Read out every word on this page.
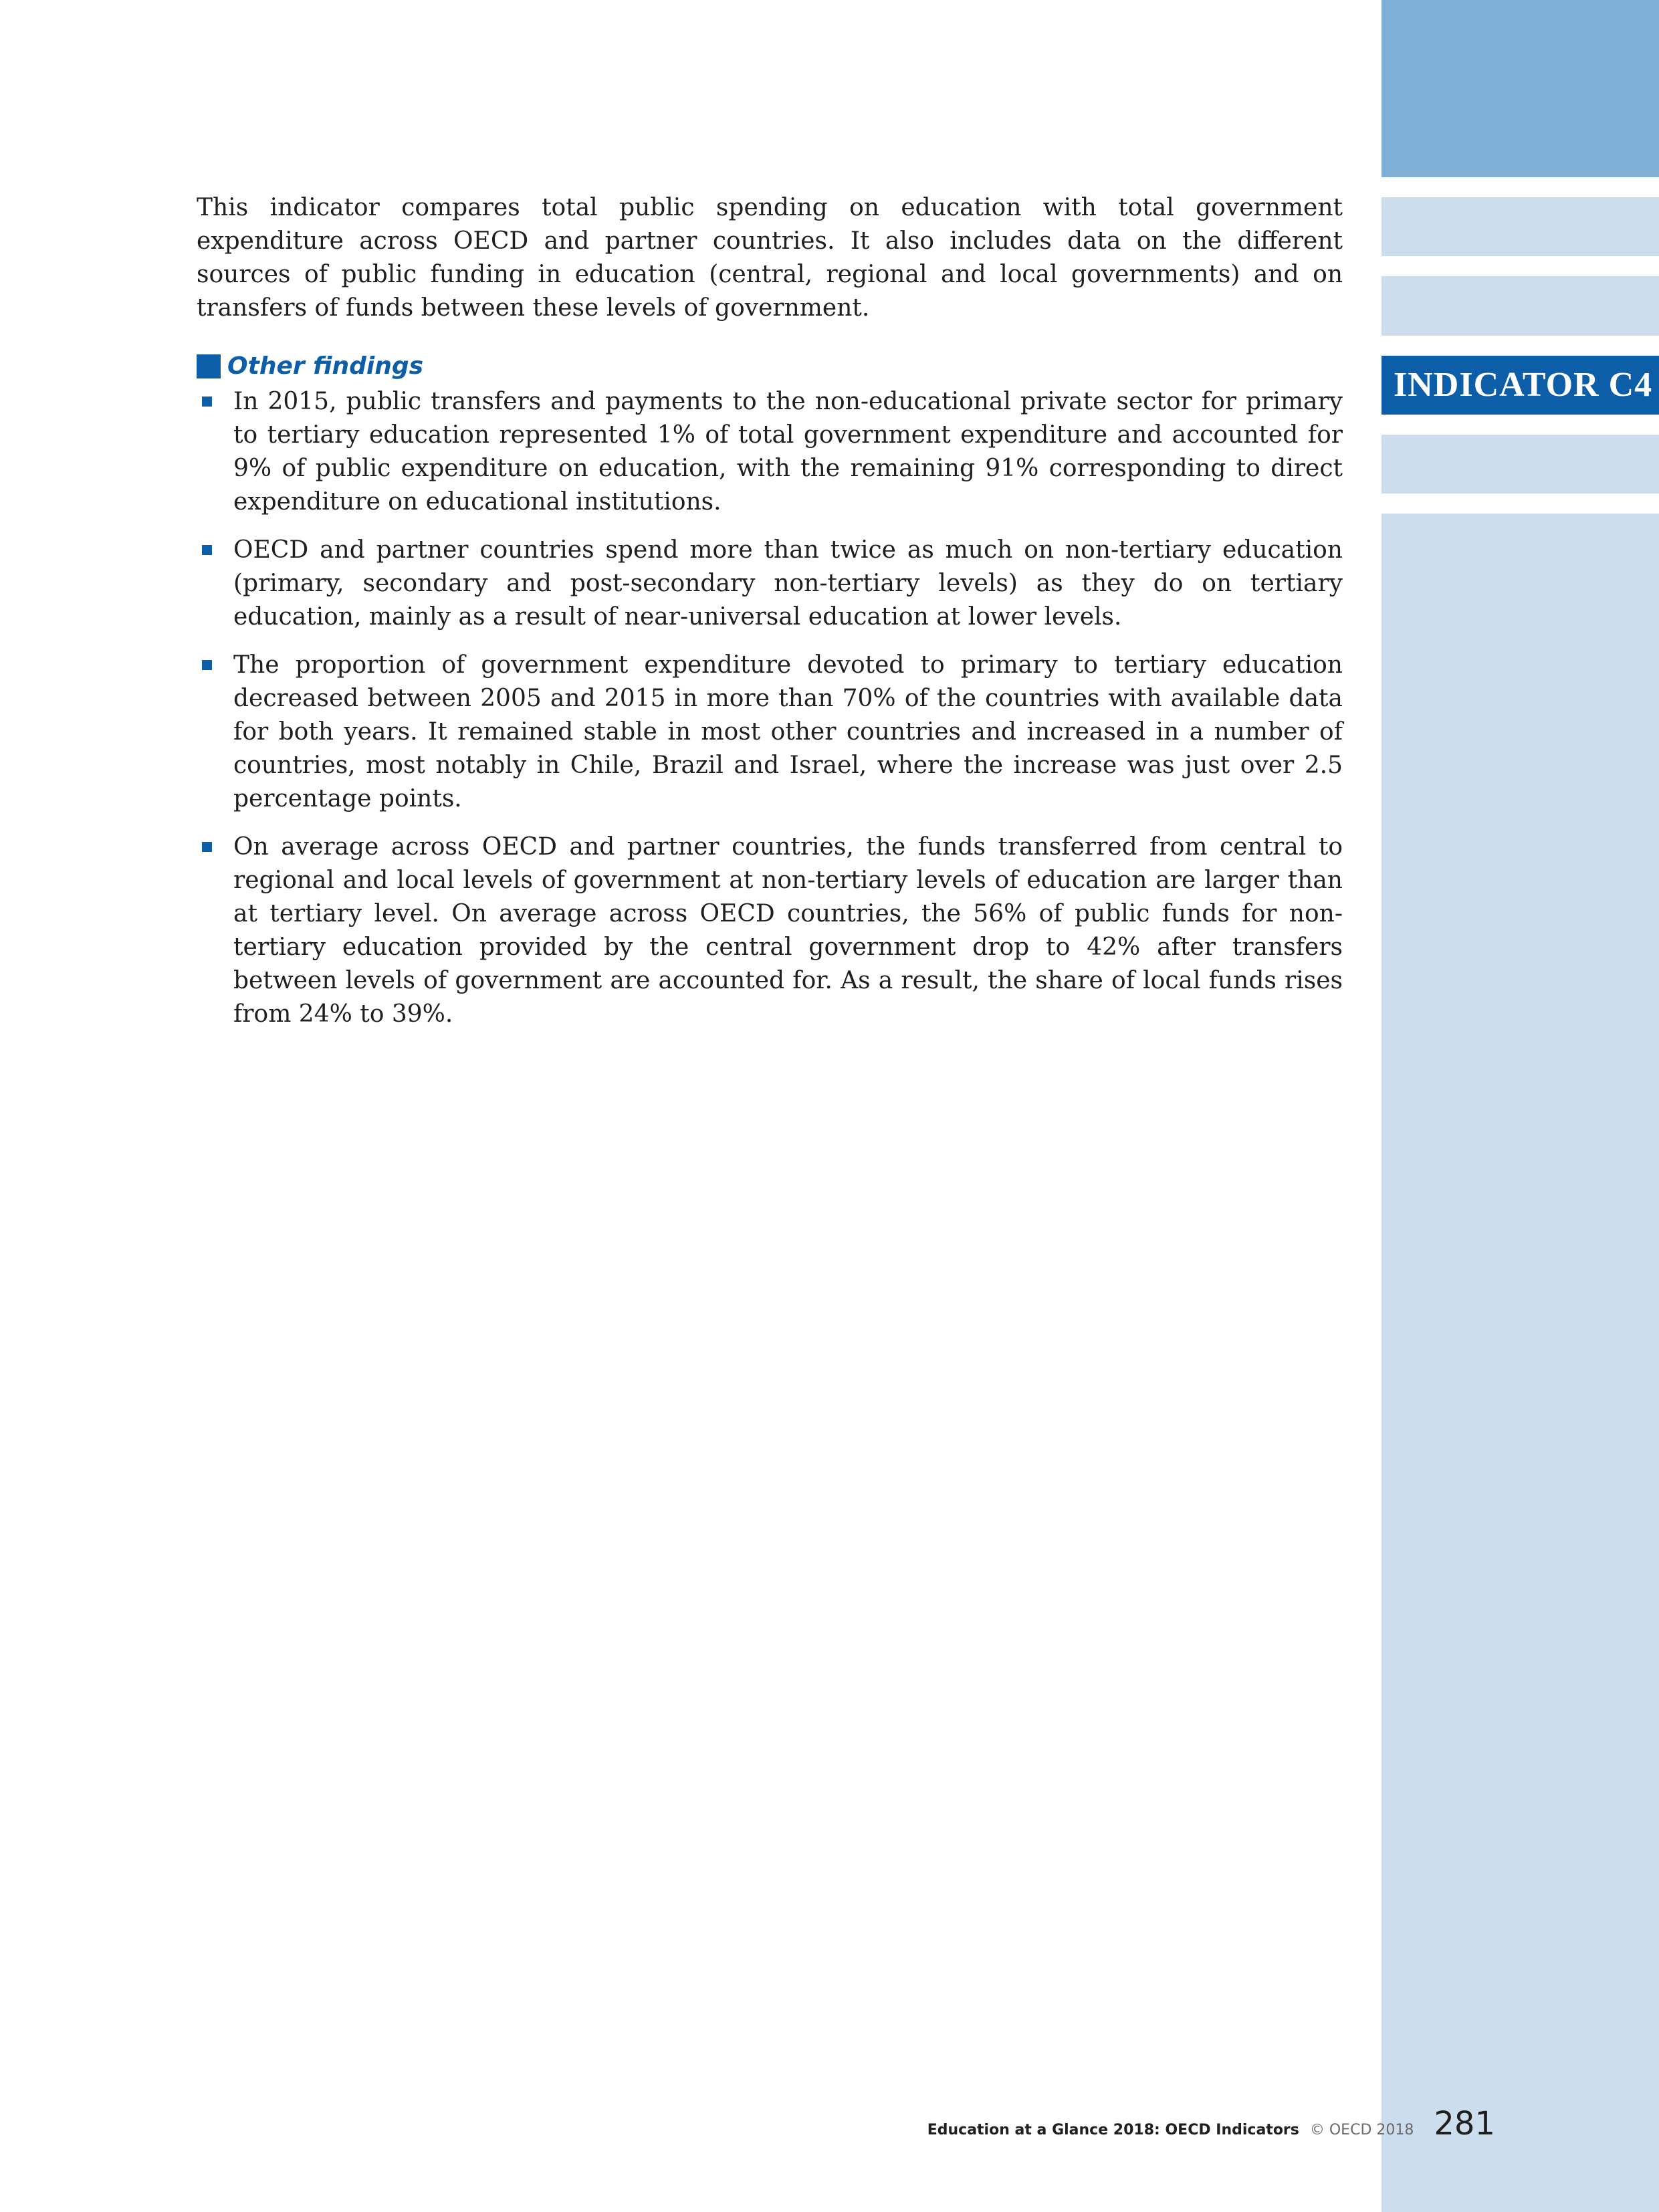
INDICATOR C4

This indicator compares total public spending on education with total government expenditure across OECD and partner countries. It also includes data on the different sources of public funding in education (central, regional and local governments) and on transfers of funds between these levels of government.

Other findings
In 2015, public transfers and payments to the non-educational private sector for primary to tertiary education represented 1% of total government expenditure and accounted for 9% of public expenditure on education, with the remaining 91% corresponding to direct expenditure on educational institutions.
OECD and partner countries spend more than twice as much on non-tertiary education (primary, secondary and post-secondary non-tertiary levels) as they do on tertiary education, mainly as a result of near-universal education at lower levels.
The proportion of government expenditure devoted to primary to tertiary education decreased between 2005 and 2015 in more than 70% of the countries with available data for both years. It remained stable in most other countries and increased in a number of countries, most notably in Chile, Brazil and Israel, where the increase was just over 2.5 percentage points.
On average across OECD and partner countries, the funds transferred from central to regional and local levels of government at non-tertiary levels of education are larger than at tertiary level. On average across OECD countries, the 56% of public funds for non-tertiary education provided by the central government drop to 42% after transfers between levels of government are accounted for. As a result, the share of local funds rises from 24% to 39%.
Education at a Glance 2018: OECD Indicators © OECD 2018 281
